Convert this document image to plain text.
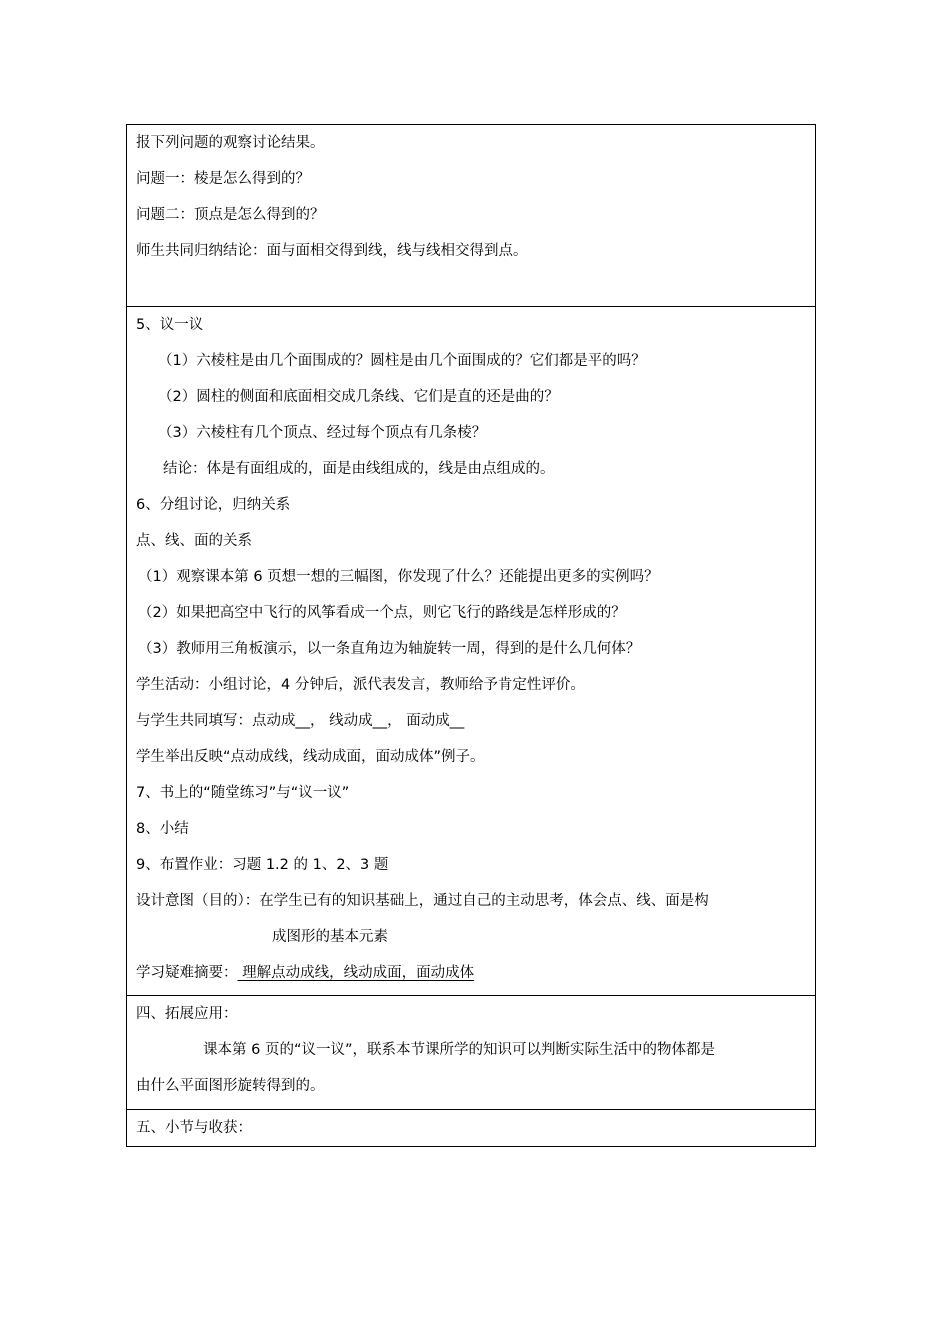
报下列问题的观察讨论结果。
问题一：棱是怎么得到的？
问题二：顶点是怎么得到的？
师生共同归纳结论：面与面相交得到线，线与线相交得到点。

5、议一议
（1）六棱柱是由几个面围成的？圆柱是由几个面围成的？它们都是平的吗？
（2）圆柱的侧面和底面相交成几条线、它们是直的还是曲的？
（3）六棱柱有几个顶点、经过每个顶点有几条棱？
结论：体是有面组成的，面是由线组成的，线是由点组成的。
6、分组讨论，归纳关系
点、线、面的关系
（1）观察课本第 6 页想一想的三幅图，你发现了什么？还能提出更多的实例吗？
（2）如果把高空中飞行的风筝看成一个点，则它飞行的路线是怎样形成的？
（3）教师用三角板演示，以一条直角边为轴旋转一周，得到的是什么几何体？
学生活动：小组讨论，4 分钟后，派代表发言，教师给予肯定性评价。
与学生共同填写：点动成__， 线动成__， 面动成__
学生举出反映“点动成线，线动成面，面动成体”例子。
7、书上的“随堂练习”与“议一议”
8、小结
9、布置作业：习题 1.2 的 1、2、3 题
设计意图（目的）：在学生已有的知识基础上，通过自己的主动思考，体会点、线、面是构
成图形的基本元素
学习疑难摘要： 理解点动成线，线动成面，面动成体

四、拓展应用：
课本第 6 页的“议一议”，联系本节课所学的知识可以判断实际生活中的物体都是
由什么平面图形旋转得到的。

五、小节与收获：
